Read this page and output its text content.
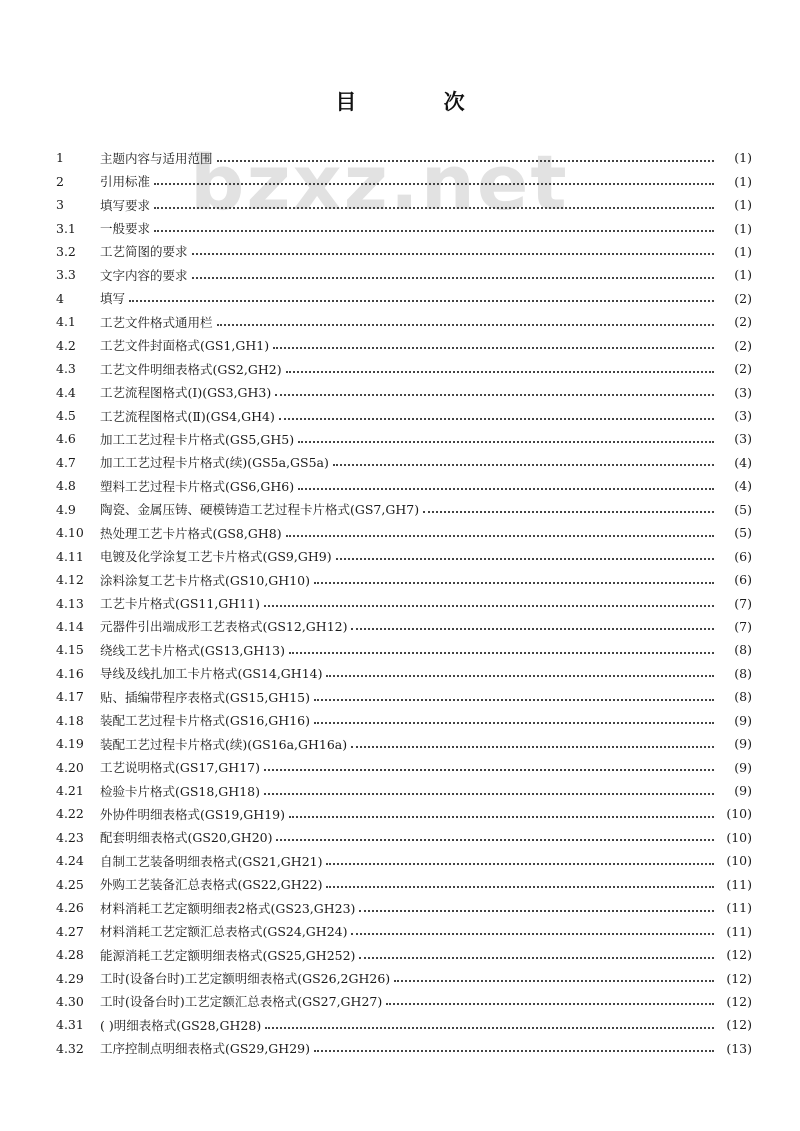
bzxz.net
目 次
1	主题内容与适用范围	(1)
2	引用标准	(1)
3	填写要求	(1)
3.1	一般要求	(1)
3.2	工艺简图的要求	(1)
3.3	文字内容的要求	(1)
4	填写	(2)
4.1	工艺文件格式通用栏	(2)
4.2	工艺文件封面格式(GS1,GH1)	(2)
4.3	工艺文件明细表格式(GS2,GH2)	(2)
4.4	工艺流程图格式(Ⅰ)(GS3,GH3)	(3)
4.5	工艺流程图格式(Ⅱ)(GS4,GH4)	(3)
4.6	加工工艺过程卡片格式(GS5,GH5)	(3)
4.7	加工工艺过程卡片格式(续)(GS5a,GS5a)	(4)
4.8	塑料工艺过程卡片格式(GS6,GH6)	(4)
4.9	陶瓷、金属压铸、硬模铸造工艺过程卡片格式(GS7,GH7)	(5)
4.10	热处理工艺卡片格式(GS8,GH8)	(5)
4.11	电镀及化学涂复工艺卡片格式(GS9,GH9)	(6)
4.12	涂料涂复工艺卡片格式(GS10,GH10)	(6)
4.13	工艺卡片格式(GS11,GH11)	(7)
4.14	元器件引出端成形工艺表格式(GS12,GH12)	(7)
4.15	绕线工艺卡片格式(GS13,GH13)	(8)
4.16	导线及线扎加工卡片格式(GS14,GH14)	(8)
4.17	贴、插编带程序表格式(GS15,GH15)	(8)
4.18	装配工艺过程卡片格式(GS16,GH16)	(9)
4.19	装配工艺过程卡片格式(续)(GS16a,GH16a)	(9)
4.20	工艺说明格式(GS17,GH17)	(9)
4.21	检验卡片格式(GS18,GH18)	(9)
4.22	外协件明细表格式(GS19,GH19)	(10)
4.23	配套明细表格式(GS20,GH20)	(10)
4.24	自制工艺装备明细表格式(GS21,GH21)	(10)
4.25	外购工艺装备汇总表格式(GS22,GH22)	(11)
4.26	材料消耗工艺定额明细表2格式(GS23,GH23)	(11)
4.27	材料消耗工艺定额汇总表格式(GS24,GH24)	(11)
4.28	能源消耗工艺定额明细表格式(GS25,GH252)	(12)
4.29	工时(设备台时)工艺定额明细表格式(GS26,2GH26)	(12)
4.30	工时(设备台时)工艺定额汇总表格式(GS27,GH27)	(12)
4.31	( )明细表格式(GS28,GH28)	(12)
4.32	工序控制点明细表格式(GS29,GH29)	(13)
